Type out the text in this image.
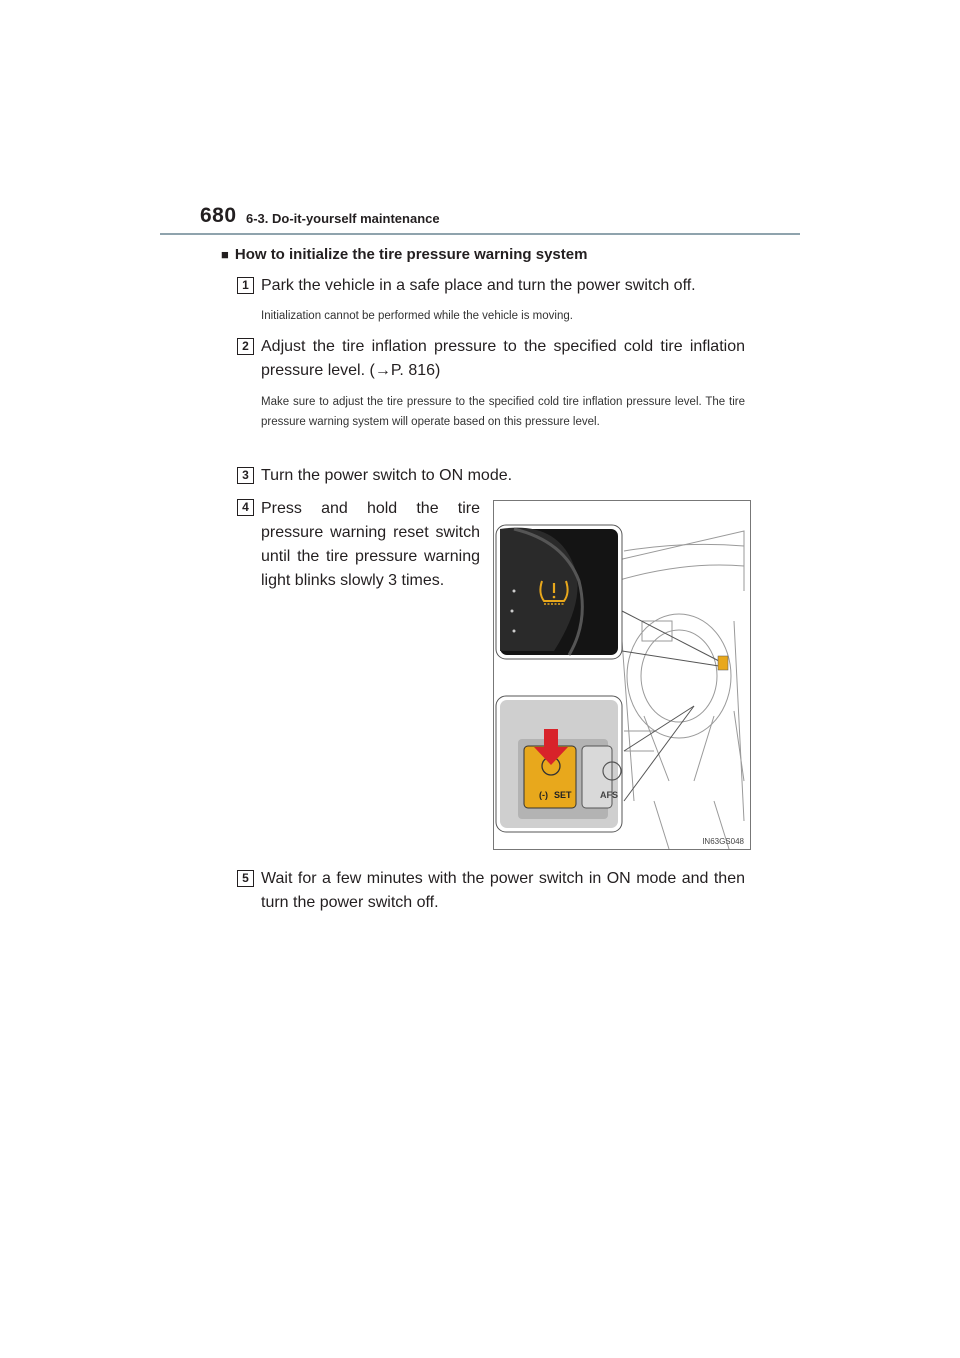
680 6-3. Do-it-yourself maintenance
■ How to initialize the tire pressure warning system
1 Park the vehicle in a safe place and turn the power switch off.
Initialization cannot be performed while the vehicle is moving.
2 Adjust the tire inflation pressure to the specified cold tire inflation pressure level. (→P. 816)
Make sure to adjust the tire pressure to the specified cold tire inflation pressure level. The tire pressure warning system will operate based on this pressure level.
3 Turn the power switch to ON mode.
4 Press and hold the tire pressure warning reset switch until the tire pressure warning light blinks slowly 3 times.
(-) SET	AFS
IN63GS048
5 Wait for a few minutes with the power switch in ON mode and then turn the power switch off.
